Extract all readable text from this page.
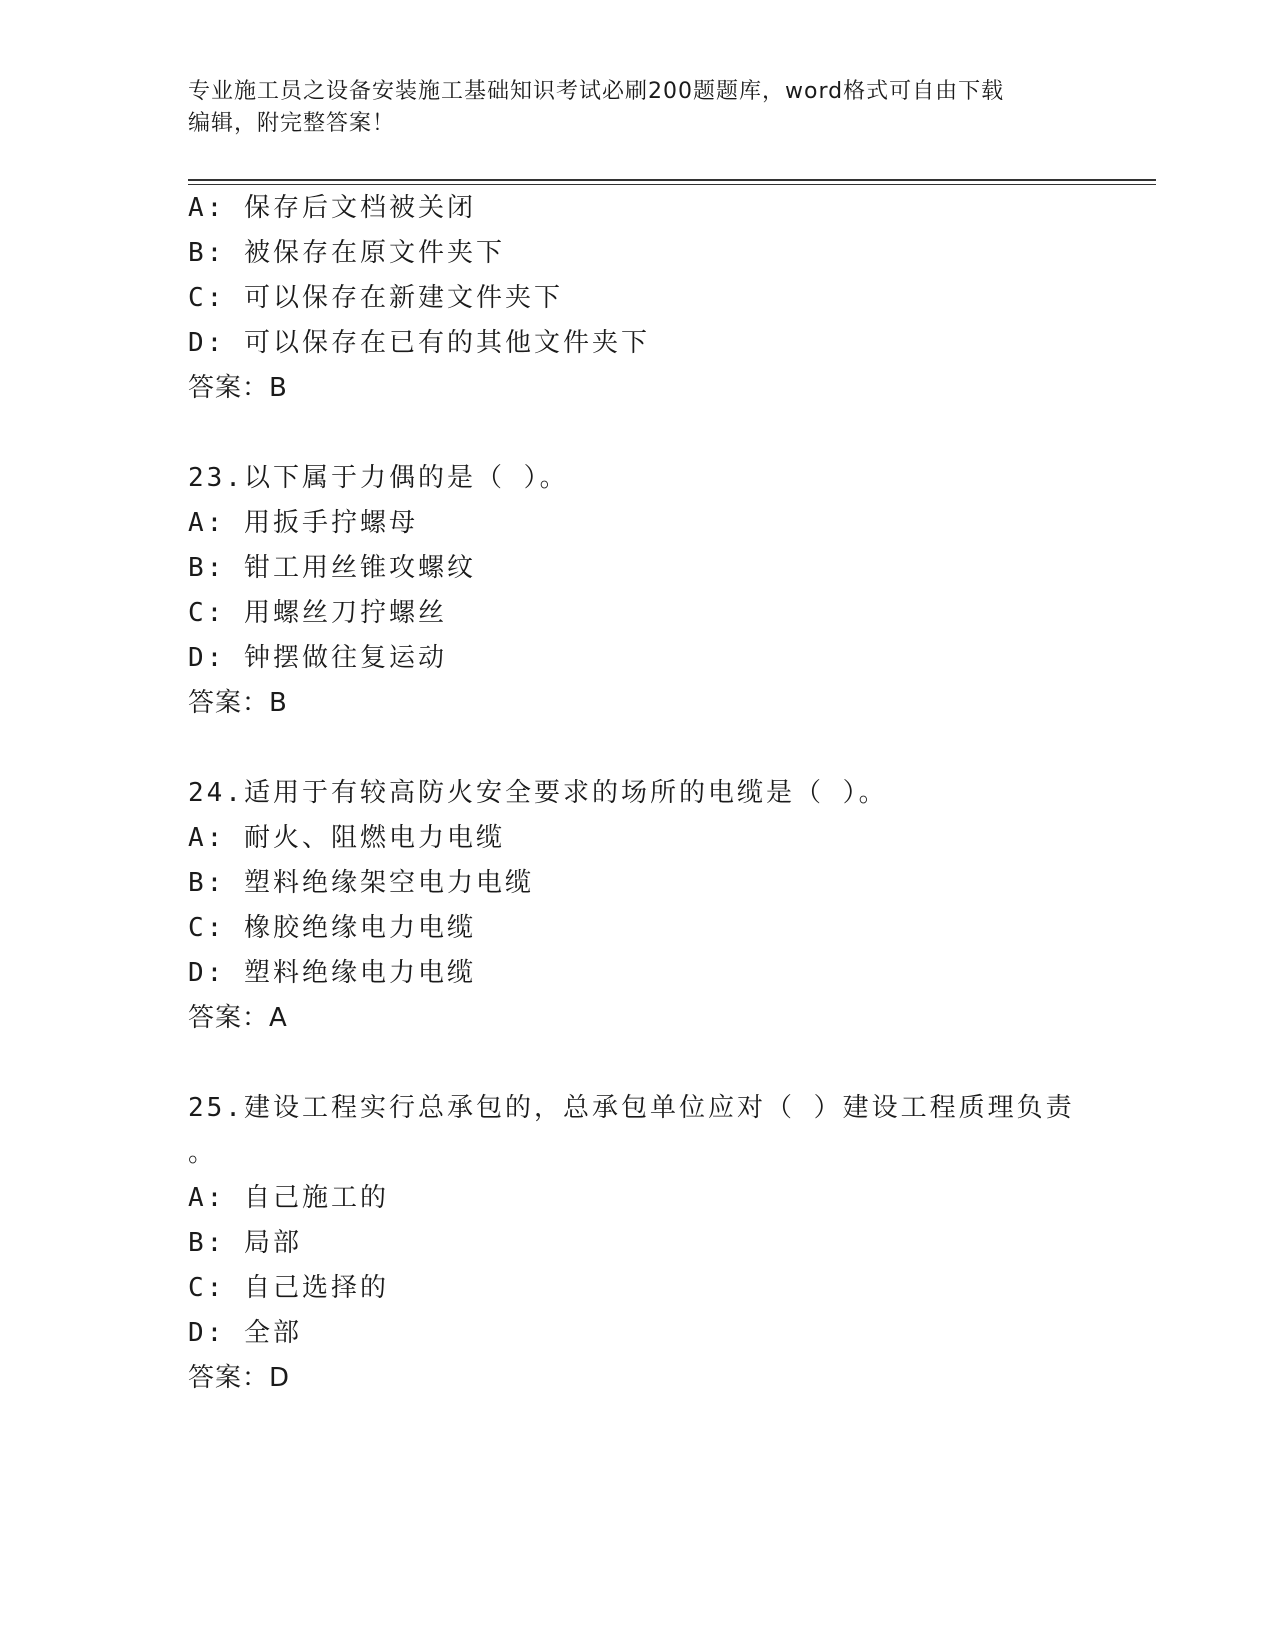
专业施工员之设备安装施工基础知识考试必刷200题题库，word格式可自由下载
编辑，附完整答案！
A: 保存后文档被关闭
B: 被保存在原文件夹下
C: 可以保存在新建文件夹下
D: 可以保存在已有的其他文件夹下
答案：B
23.以下属于力偶的是（ ）。
A: 用扳手拧螺母
B: 钳工用丝锥攻螺纹
C: 用螺丝刀拧螺丝
D: 钟摆做往复运动
答案：B
24.适用于有较高防火安全要求的场所的电缆是（ ）。
A: 耐火、阻燃电力电缆
B: 塑料绝缘架空电力电缆
C: 橡胶绝缘电力电缆
D: 塑料绝缘电力电缆
答案：A
25.建设工程实行总承包的，总承包单位应对（ ）建设工程质理负责
。
A: 自己施工的
B: 局部
C: 自己选择的
D: 全部
答案：D
